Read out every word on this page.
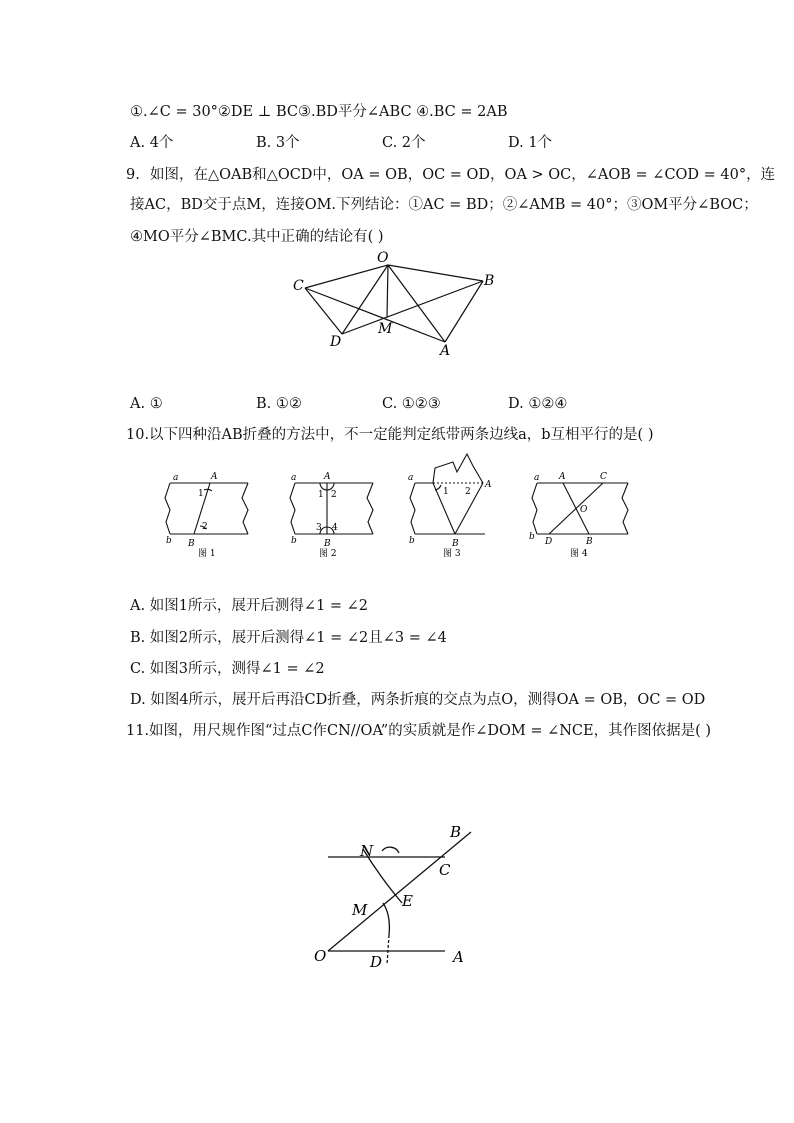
①.∠C = 30°②DE ⊥ BC③.BD平分∠ABC ④.BC = 2AB
A. 4个	B. 3个	C. 2个	D. 1个
9. 如图，在△OAB和△OCD中，OA = OB，OC = OD，OA > OC，∠AOB = ∠COD = 40°，连
接AC，BD交于点M，连接OM.下列结论：①AC = BD；②∠AMB = 40°；③OM平分∠BOC；
④MO平分∠BMC.其中正确的结论有( )
O
B
C
D
M
A
A. ①	B. ①②	C. ①②③	D. ①②④
10. 以下四种沿AB折叠的方法中，不一定能判定纸带两条边线a，b互相平行的是( )
a	A
1
2
b B
图 1
a	A
1 2
3 4
b	B
图 2
a
A
1 2
b	B
图 3
a A	C
O
b D	B
图 4
A. 如图1所示，展开后测得∠1 = ∠2
B. 如图2所示，展开后测得∠1 = ∠2且∠3 = ∠4
C. 如图3所示，测得∠1 = ∠2
D. 如图4所示，展开后再沿CD折叠，两条折痕的交点为点O，测得OA = OB，OC = OD
11. 如图，用尺规作图“过点C作CN//OA”的实质就是作∠DOM = ∠NCE，其作图依据是( )
B
N
C
E
M
O	D	A
